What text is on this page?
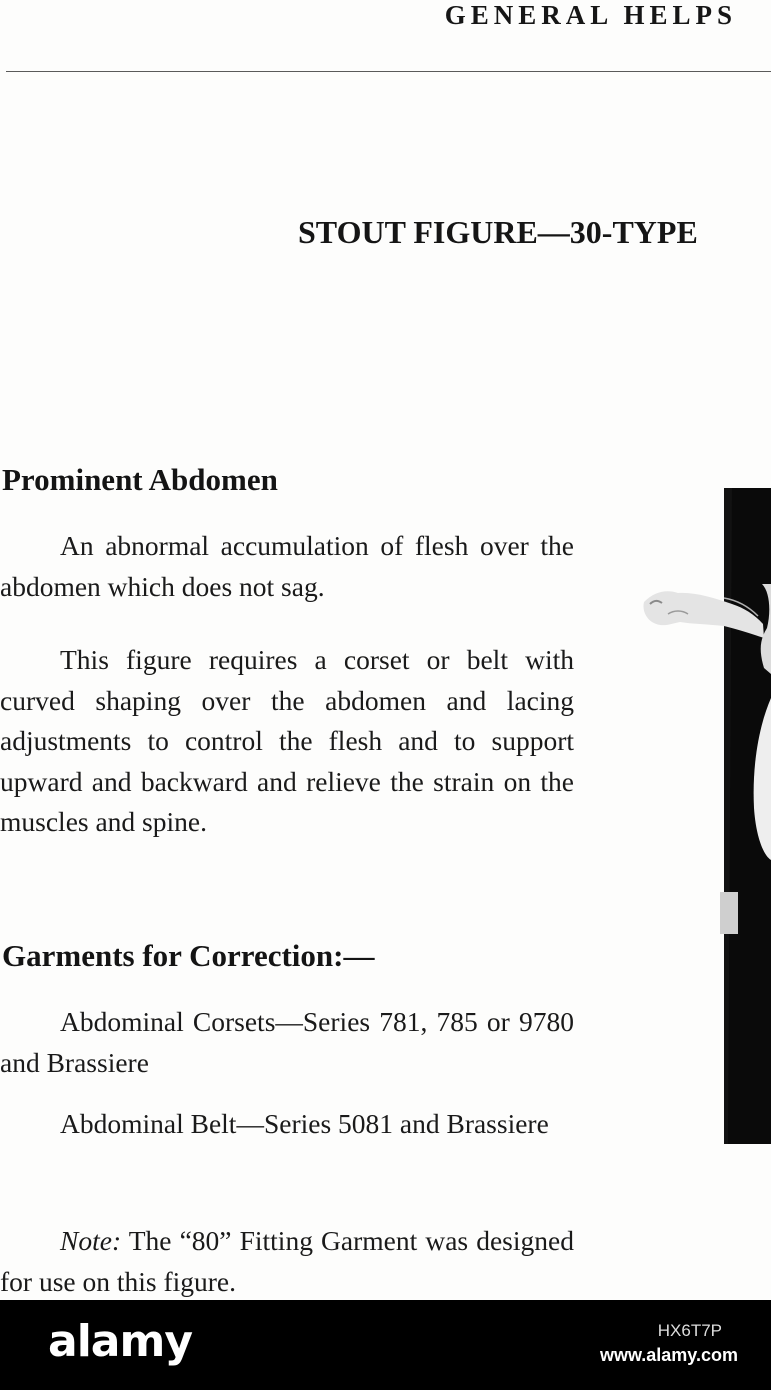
GENERAL HELPS
STOUT FIGURE—30-TYPE
Prominent Abdomen

An abnormal accumulation of flesh over the abdomen which does not sag.

This figure requires a corset or belt with curved shaping over the abdomen and lacing adjustments to control the flesh and to support upward and backward and relieve the strain on the muscles and spine.

Garments for Correction:—

Abdominal Corsets—Series 781, 785 or 9780 and Brassiere

Abdominal Belt—Series 5081 and Brassiere

Note: The “80” Fitting Garment was designed for use on this figure.

alamy	HX6T7P
www.alamy.com
